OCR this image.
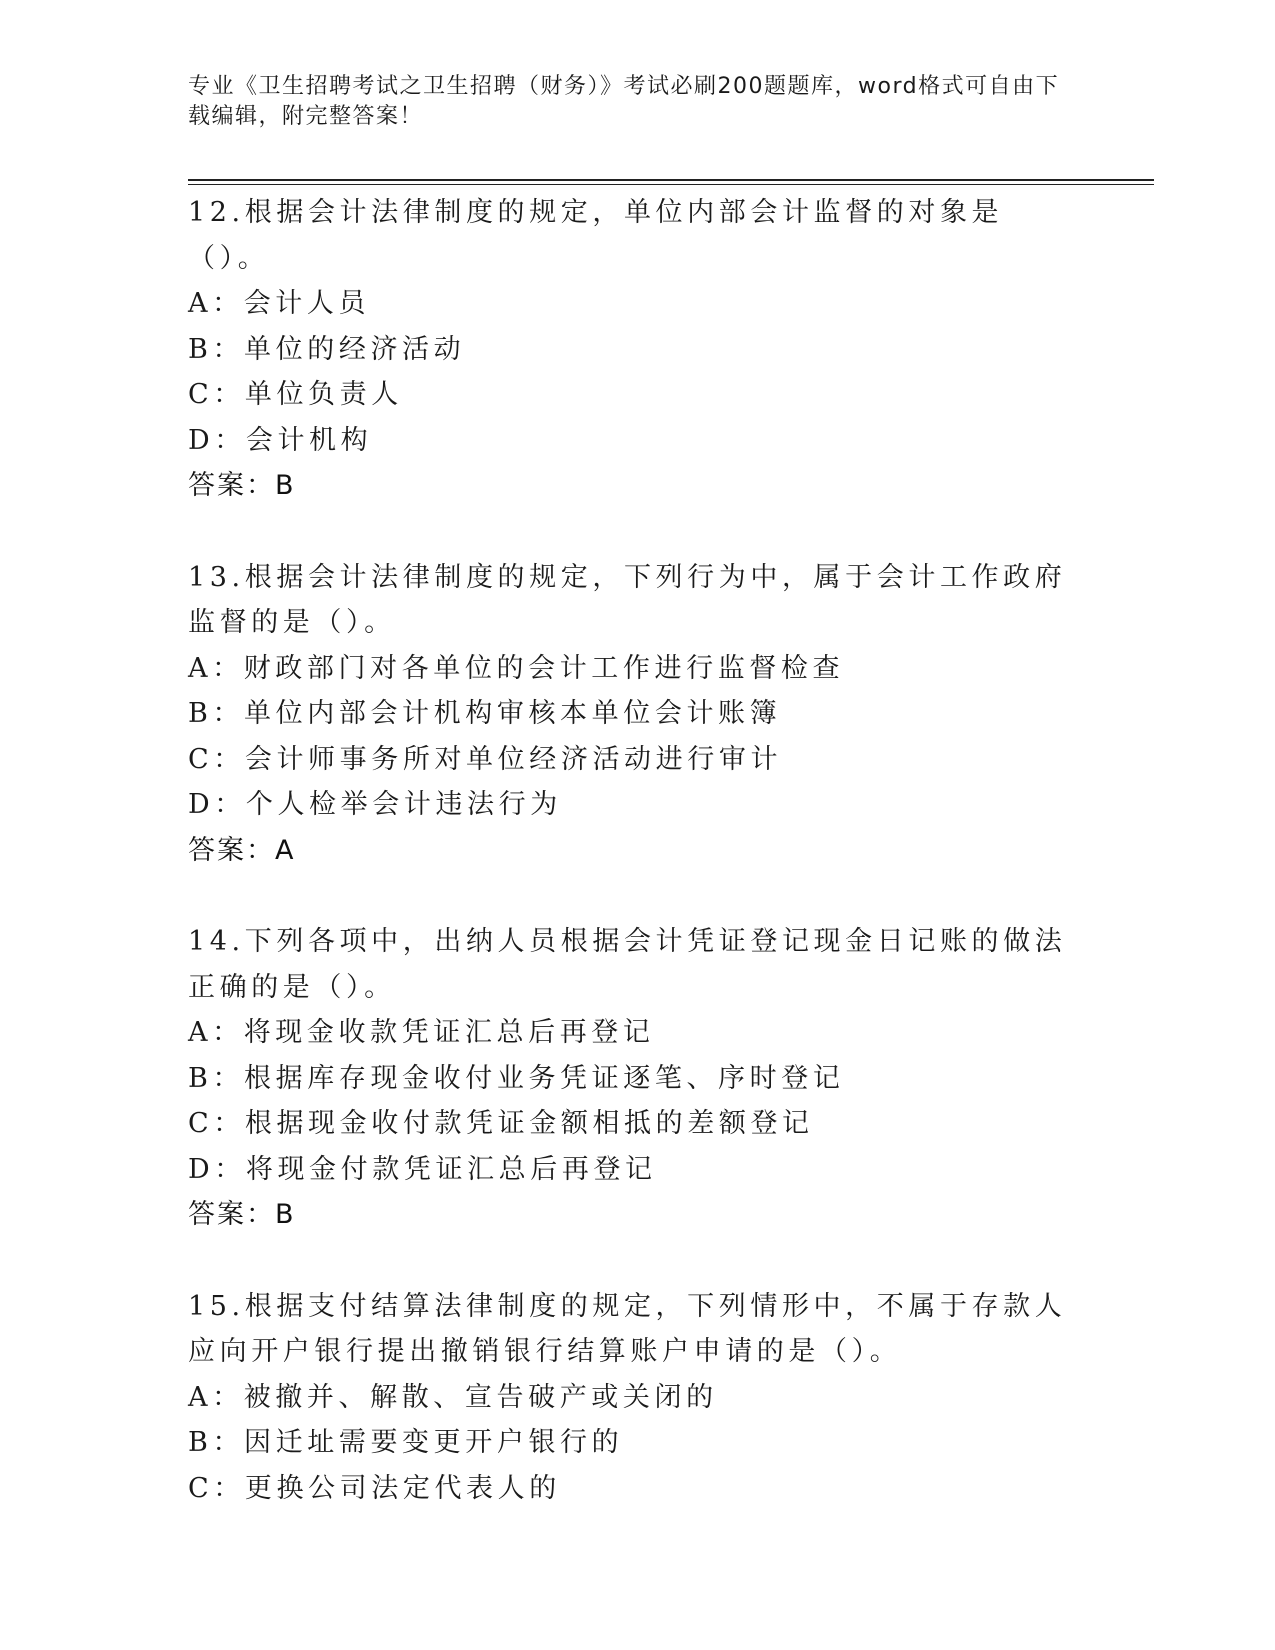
专业《卫生招聘考试之卫生招聘（财务）》考试必刷200题题库，word格式可自由下载编辑，附完整答案！
12.根据会计法律制度的规定，单位内部会计监督的对象是（）。
A：会计人员
B：单位的经济活动
C：单位负责人
D：会计机构
答案：B
13.根据会计法律制度的规定，下列行为中，属于会计工作政府监督的是（）。
A：财政部门对各单位的会计工作进行监督检查
B：单位内部会计机构审核本单位会计账簿
C：会计师事务所对单位经济活动进行审计
D：个人检举会计违法行为
答案：A
14.下列各项中，出纳人员根据会计凭证登记现金日记账的做法正确的是（）。
A：将现金收款凭证汇总后再登记
B：根据库存现金收付业务凭证逐笔、序时登记
C：根据现金收付款凭证金额相抵的差额登记
D：将现金付款凭证汇总后再登记
答案：B
15.根据支付结算法律制度的规定，下列情形中，不属于存款人应向开户银行提出撤销银行结算账户申请的是（）。
A：被撤并、解散、宣告破产或关闭的
B：因迁址需要变更开户银行的
C：更换公司法定代表人的
